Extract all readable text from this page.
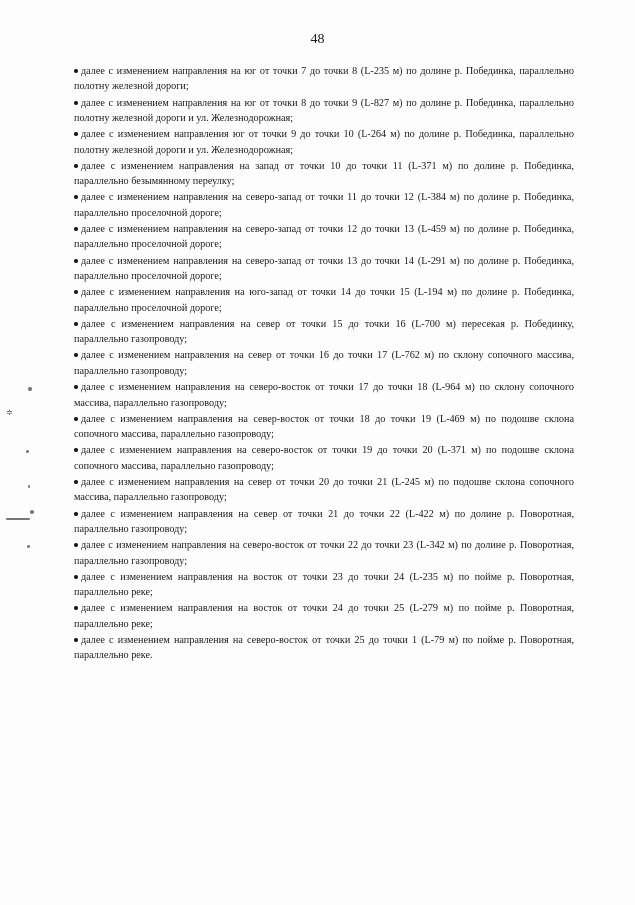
48

далее с изменением направления на юг от точки 7 до точки 8 (L-235 м) по долине р. Побединка, параллельно полотну железной дороги;

далее с изменением направления на юг от точки 8 до точки 9 (L-827 м) по долине р. Побединка, параллельно полотну железной дороги и ул. Железнодорожная;

далее с изменением направления юг от точки 9 до точки 10 (L-264 м) по долине р. Побединка, параллельно полотну железной дороги и ул. Железнодорожная;

далее с изменением направления на запад от точки 10 до точки 11 (L-371 м) по долине р. Побединка, параллельно безымянному переулку;

далее с изменением направления на северо-запад от точки 11 до точки 12 (L-384 м) по долине р. Побединка, параллельно проселочной дороге;

далее с изменением направления на северо-запад от точки 12 до точки 13 (L-459 м) по долине р. Побединка, параллельно проселочной дороге;

далее с изменением направления на северо-запад от точки 13 до точки 14 (L-291 м) по долине р. Побединка, параллельно проселочной дороге;

далее с изменением направления на юго-запад от точки 14 до точки 15 (L-194 м) по долине р. Побединка, параллельно проселочной дороге;

далее с изменением направления на север от точки 15 до точки 16 (L-700 м) пересекая р. Побединку, параллельно газопроводу;

далее с изменением направления на север от точки 16 до точки 17 (L-762 м) по склону сопочного массива, параллельно газопроводу;

далее с изменением направления на северо-восток от точки 17 до точки 18 (L-964 м) по склону сопочного массива, параллельно газопроводу;

далее с изменением направления на север-восток от точки 18 до точки 19 (L-469 м) по подошве склона сопочного массива, параллельно газопроводу;

далее с изменением направления на северо-восток от точки 19 до точки 20 (L-371 м) по подошве склона сопочного массива, параллельно газопроводу;

далее с изменением направления на север от точки 20 до точки 21 (L-245 м) по подошве склона сопочного массива, параллельно газопроводу;

далее с изменением направления на север от точки 21 до точки 22 (L-422 м) по долине р. Поворотная, параллельно газопроводу;

далее с изменением направления на северо-восток от точки 22 до точки 23 (L-342 м) по долине р. Поворотная, параллельно газопроводу;

далее с изменением направления на восток от точки 23 до точки 24 (L-235 м) по пойме р. Поворотная, параллельно реке;

далее с изменением направления на восток от точки 24 до точки 25 (L-279 м) по пойме р. Поворотная, параллельно реке;

далее с изменением направления на северо-восток от точки 25 до точки 1 (L-79 м) по пойме р. Поворотная, параллельно реке.

≑
